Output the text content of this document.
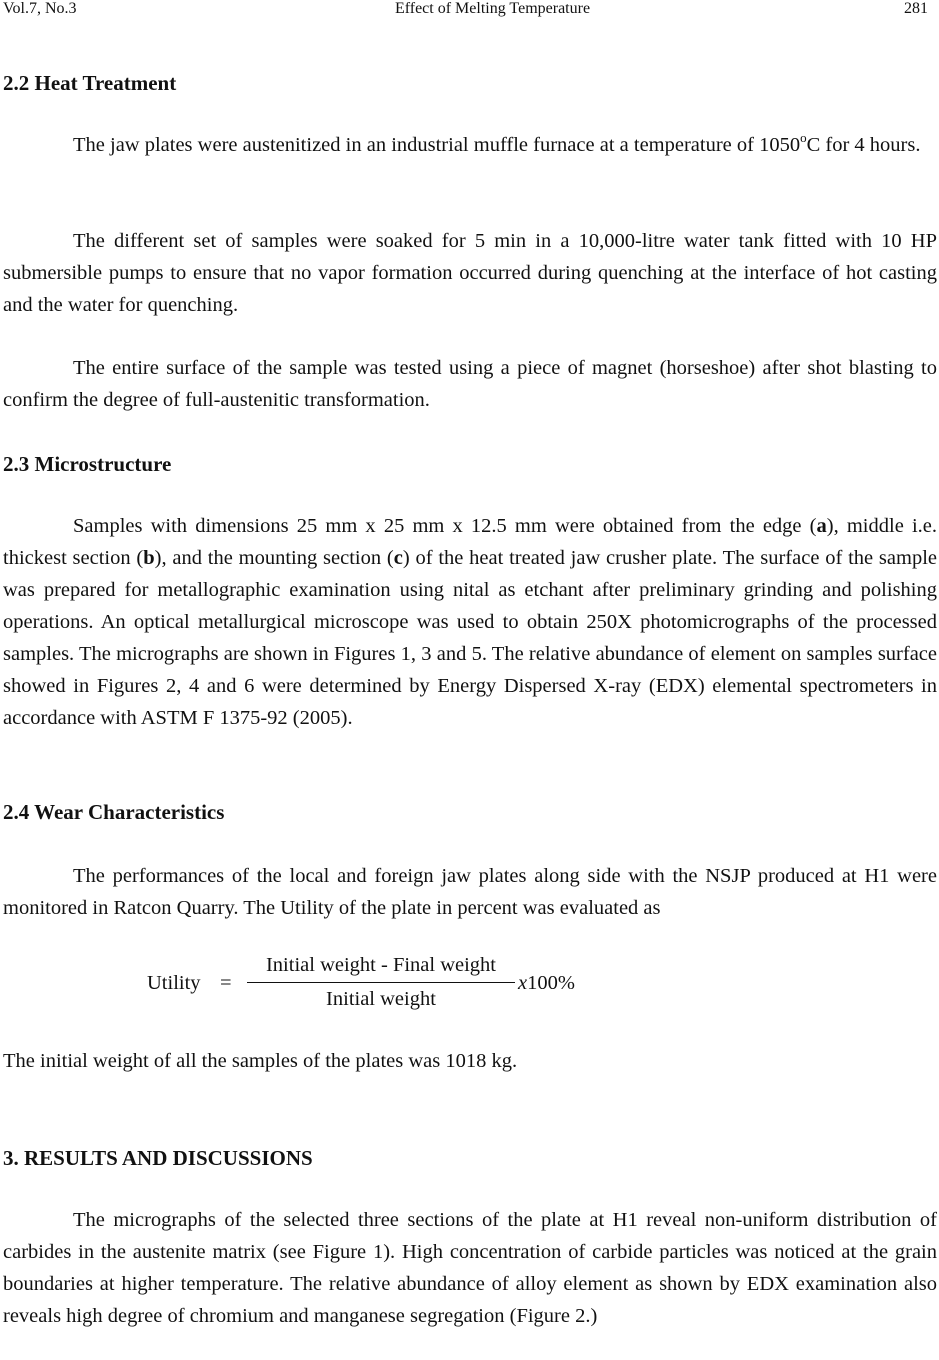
Vol.7, No.3	Effect of Melting Temperature	281
2.2 Heat Treatment

The jaw plates were austenitized in an industrial muffle furnace at a temperature of 1050$^o$C for 4 hours.

The different set of samples were soaked for 5 min in a 10,000-litre water tank fitted with 10 HP submersible pumps to ensure that no vapor formation occurred during quenching at the interface of hot casting and the water for quenching.

The entire surface of the sample was tested using a piece of magnet (horseshoe) after shot blasting to confirm the degree of full-austenitic transformation.

2.3 Microstructure

Samples with dimensions 25 mm x 25 mm x 12.5 mm were obtained from the edge (a), middle i.e. thickest section (b), and the mounting section (c) of the heat treated jaw crusher plate. The surface of the sample was prepared for metallographic examination using nital as etchant after preliminary grinding and polishing operations. An optical metallurgical microscope was used to obtain 250X photomicrographs of the processed samples. The micrographs are shown in Figures 1, 3 and 5. The relative abundance of element on samples surface showed in Figures 2, 4 and 6 were determined by Energy Dispersed X-ray (EDX) elemental spectrometers in accordance with ASTM F 1375-92 (2005).

2.4 Wear Characteristics

The performances of the local and foreign jaw plates along side with the NSJP produced at H1 were monitored in Ratcon Quarry. The Utility of the plate in percent was evaluated as

The initial weight of all the samples of the plates was 1018 kg.

3. RESULTS AND DISCUSSIONS

The micrographs of the selected three sections of the plate at H1 reveal non-uniform distribution of carbides in the austenite matrix (see Figure 1). High concentration of carbide particles was noticed at the grain boundaries at higher temperature. The relative abundance of alloy element as shown by EDX examination also reveals high degree of chromium and manganese segregation (Figure 2.)

Utility =
Initial weight - Final weight
Initial weight
x100%
